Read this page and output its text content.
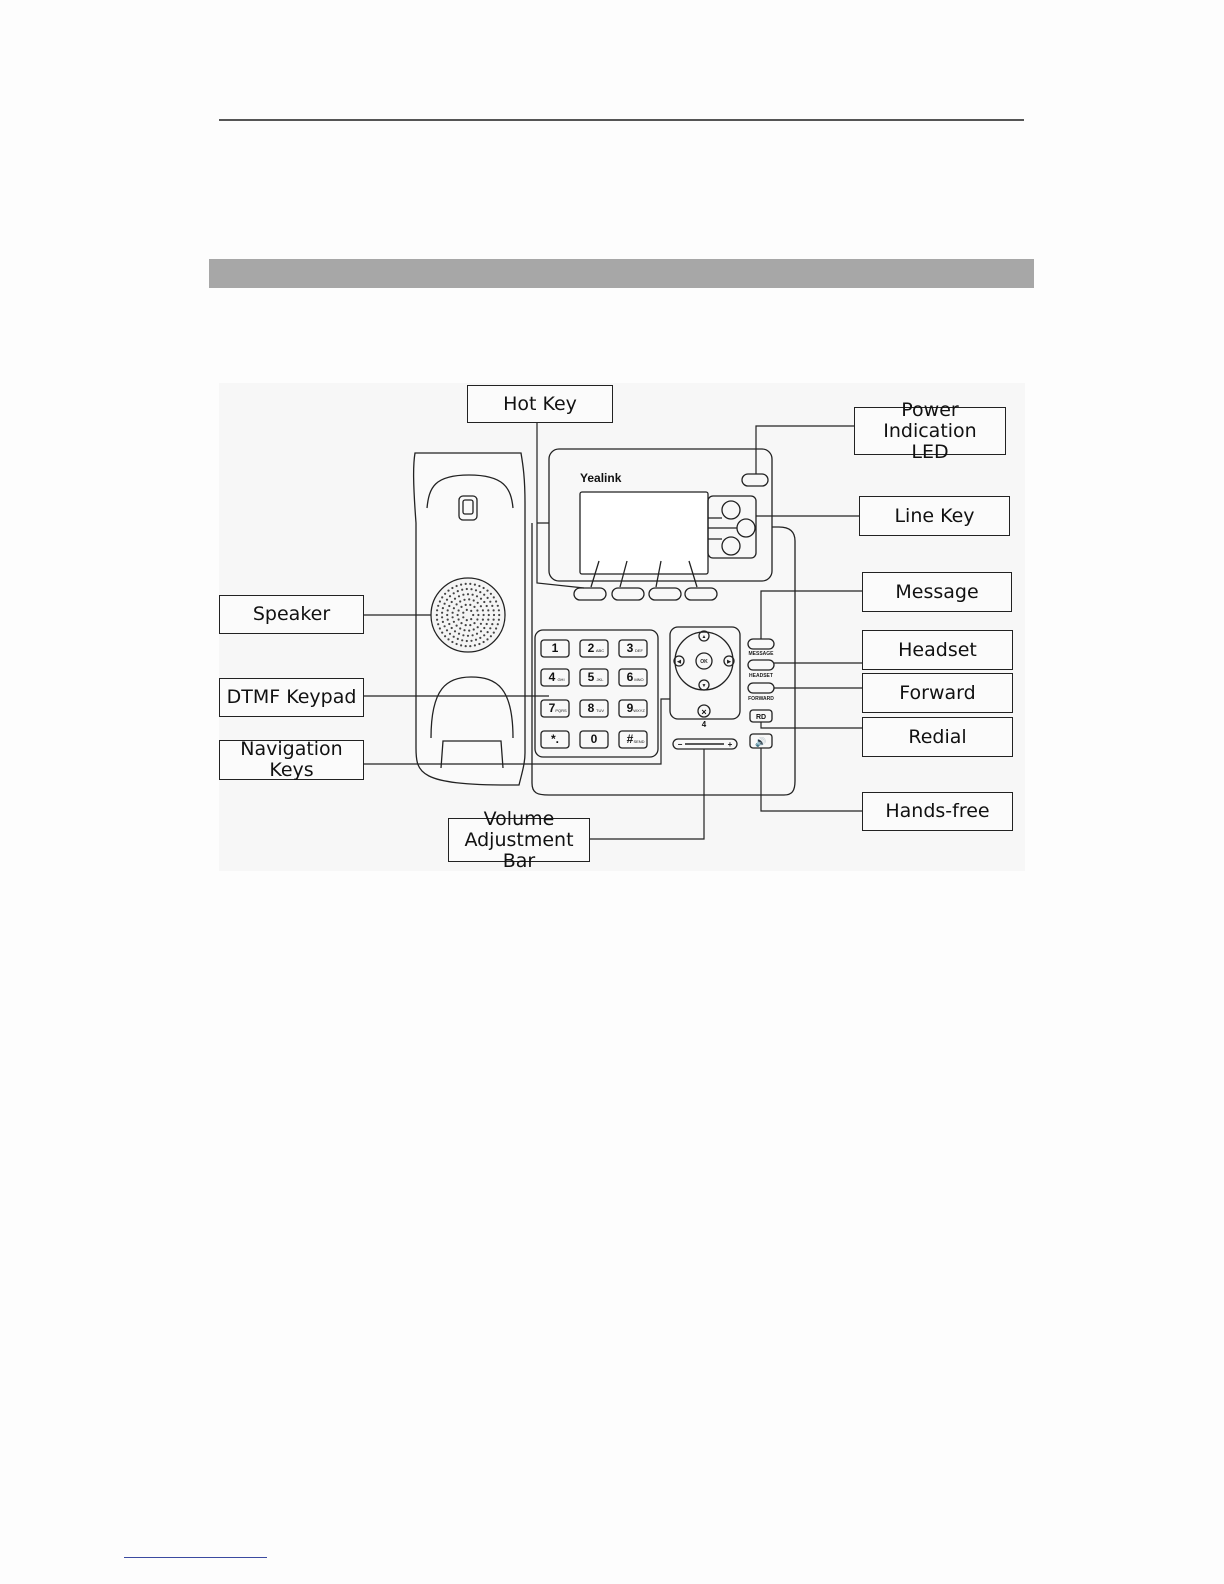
Yealink
1 2 ABC 3 DEF
4 GHI 5 JKL 6 MNO
7 PQRS 8 TUV 9 WXYZ
*.	0 # SEND
OK
▲
▼
◀	▶
×
4
MESSAGE
HEADSET
FORWARD
RD
🔊
−	+
Hot Key	Power Indication
LED
Line Key
Message
Speaker
Headset
DTMF Keypad	Forward
Redial
Navigation Keys
Hands-free
Volume
Adjustment Bar
